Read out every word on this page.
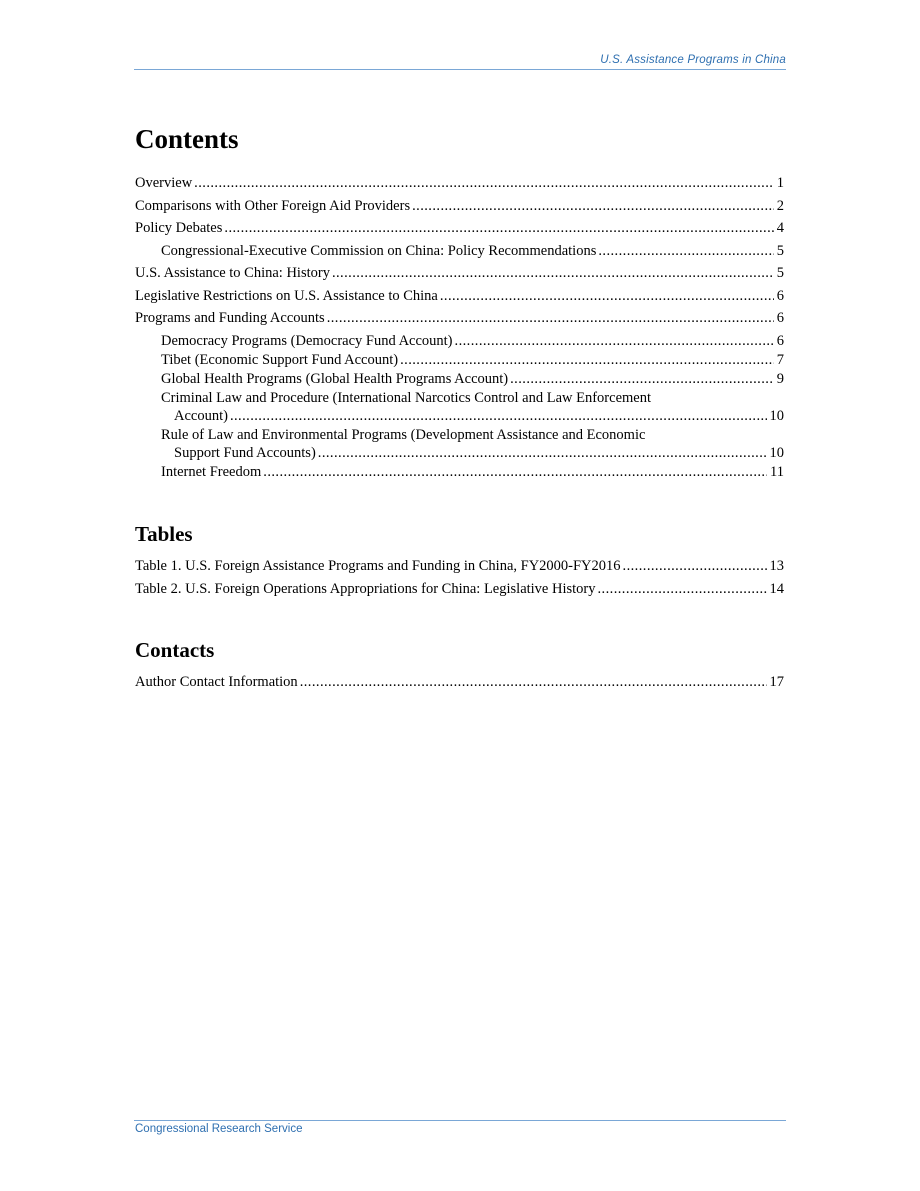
U.S. Assistance Programs in China
Contents
Overview . . .	1
Comparisons with Other Foreign Aid Providers . . .	2
Policy Debates . . .	4
Congressional-Executive Commission on China: Policy Recommendations . . .	5
U.S. Assistance to China: History . . .	5
Legislative Restrictions on U.S. Assistance to China . . .	6
Programs and Funding Accounts . . .	6
Democracy Programs (Democracy Fund Account) . . .	6
Tibet (Economic Support Fund Account) . . .	7
Global Health Programs (Global Health Programs Account) . . .	9
Criminal Law and Procedure (International Narcotics Control and Law Enforcement
Account) . . .	10
Rule of Law and Environmental Programs (Development Assistance and Economic
Support Fund Accounts) . . .	10
Internet Freedom . . .	11
Tables
Table 1. U.S. Foreign Assistance Programs and Funding in China, FY2000-FY2016 . . .	13
Table 2. U.S. Foreign Operations Appropriations for China: Legislative History . . .	14
Contacts
Author Contact Information . . .	17
Congressional Research Service
